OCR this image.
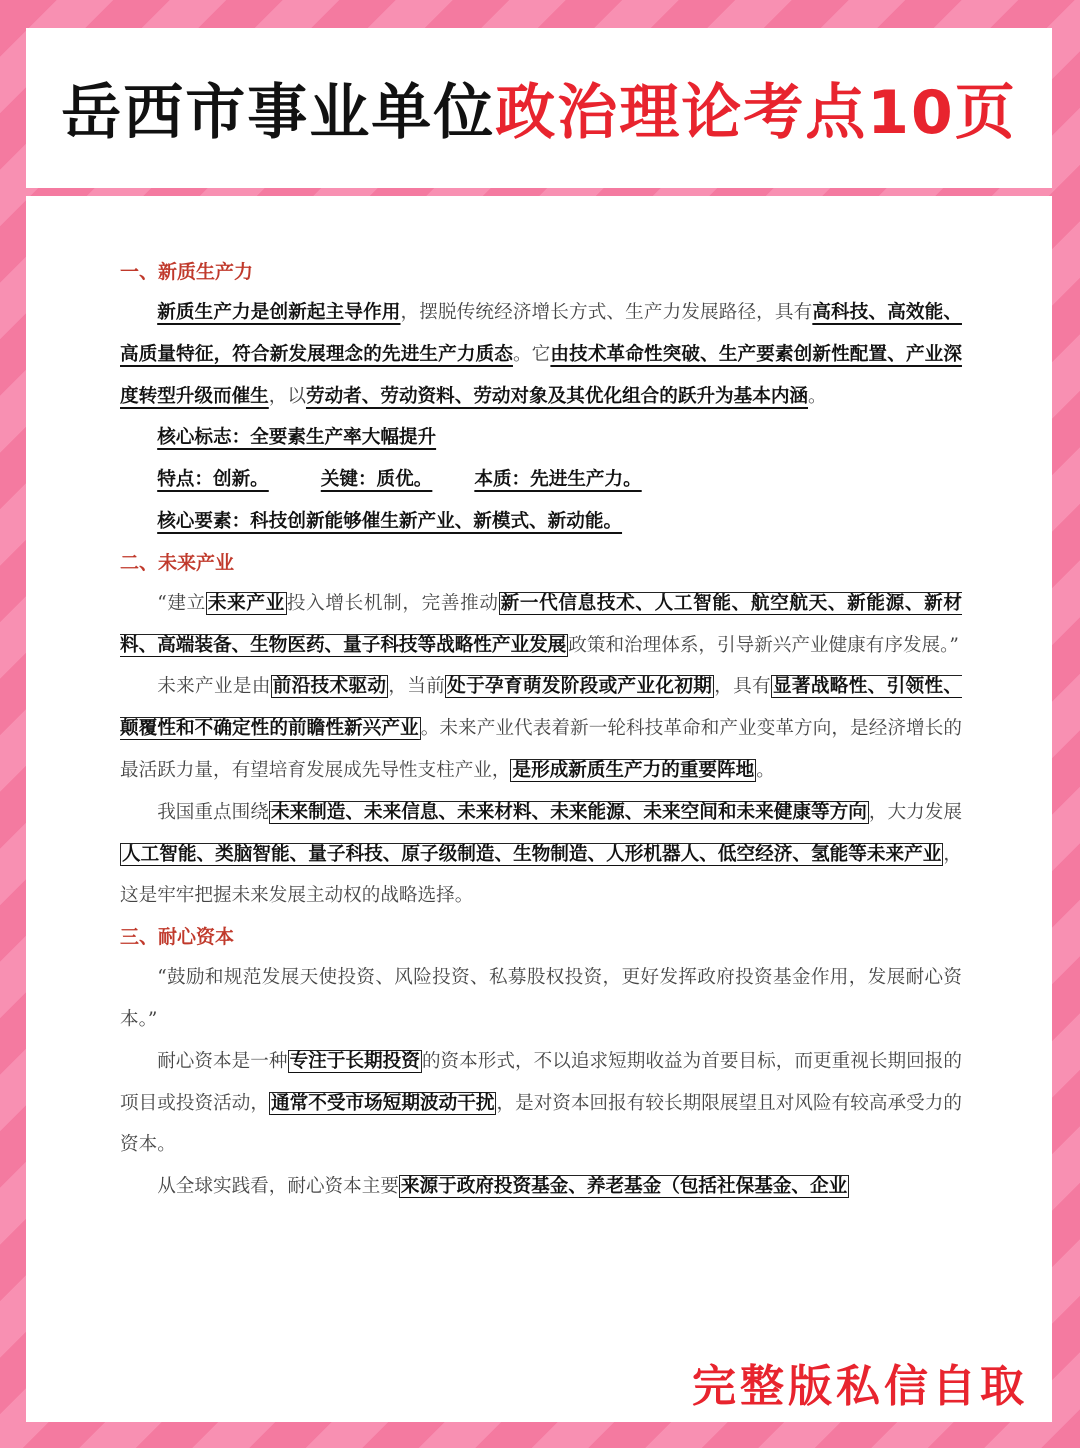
岳西市事业单位政治理论考点10页
一、新质生产力

新质生产力是创新起主导作用，摆脱传统经济增长方式、生产力发展路径，具有高科技、高效能、高质量特征，符合新发展理念的先进生产力质态。它由技术革命性突破、生产要素创新性配置、产业深度转型升级而催生，以劳动者、劳动资料、劳动对象及其优化组合的跃升为基本内涵。

核心标志：全要素生产率大幅提升

特点：创新。	关键：质优。 本质：先进生产力。

核心要素：科技创新能够催生新产业、新模式、新动能。

二、未来产业

“建立 未来产业 投入增长机制，完善推动 新一代信息技术、人工智能、航空航天、新能源、新材料、高端装备、生物医药、量子科技等战略性产业发展 政策和治理体系，引导新兴产业健康有序发展。”

未来产业是由 前沿技术驱动 ，当前 处于孕育萌发阶段或产业化初期 ，具有 显著战略性、引领性、颠覆性和不确定性的前瞻性新兴产业 。未来产业代表着新一轮科技革命和产业变革方向，是经济增长的最活跃力量，有望培育发展成先导性支柱产业， 是形成新质生产力的重要阵地 。

我国重点围绕 未来制造、未来信息、未来材料、未来能源、未来空间和未来健康等方向 ，大力发展人工智能、类脑智能、量子科技、原子级制造、生物制造、人形机器人、低空经济、氢能等未来产业 ，这是牢牢把握未来发展主动权的战略选择。

三、耐心资本

“鼓励和规范发展天使投资、风险投资、私募股权投资，更好发挥政府投资基金作用，发展耐心资本。”

耐心资本是一种 专注于长期投资 的资本形式，不以追求短期收益为首要目标，而更重视长期回报的项目或投资活动， 通常不受市场短期波动干扰 ，是对资本回报有较长期限展望且对风险有较高承受力的资本。

从全球实践看，耐心资本主要 来源于政府投资基金、养老基金（包括社保基金、企业

完整版私信自取
